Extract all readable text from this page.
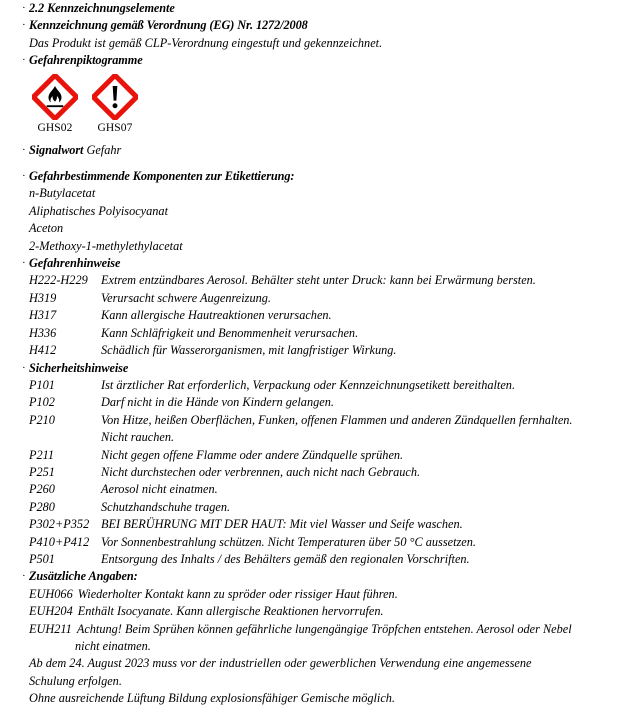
· 2.2
Kennzeichnungselemente
· Kennzeichnung gemäß Verordnung (EG) Nr. 1272/2008
Das Produkt ist gemäß CLP-Verordnung eingestuft und gekennzeichnet.
· Gefahrenpiktogramme
GHS02 GHS07
· Signalwort
Gefahr
· Gefahrbestimmende Komponenten zur Etikettierung:
n-Butylacetat
Aliphatisches Polyisocyanat
Aceton
2-Methoxy-1-methylethylacetat
· Gefahrenhinweise
H222-H229	Extrem entzündbares Aerosol. Behälter steht unter Druck: kann bei Erwärmung bersten.
H319	Verursacht schwere Augenreizung.
H317	Kann allergische Hautreaktionen verursachen.
H336	Kann Schläfrigkeit und Benommenheit verursachen.
H412	Schädlich für Wasserorganismen, mit langfristiger Wirkung.
· Sicherheitshinweise
P101	Ist ärztlicher Rat erforderlich, Verpackung oder Kennzeichnungsetikett bereithalten.
P102	Darf nicht in die Hände von Kindern gelangen.
P210	Von Hitze, heißen Oberflächen, Funken, offenen Flammen und anderen Zündquellen fernhalten.
Nicht rauchen.
P211	Nicht gegen offene Flamme oder andere Zündquelle sprühen.
P251	Nicht durchstechen oder verbrennen, auch nicht nach Gebrauch.
P260	Aerosol nicht einatmen.
P280	Schutzhandschuhe tragen.
P302+P352 BEI BERÜHRUNG MIT DER HAUT: Mit viel Wasser und Seife waschen.
P410+P412 Vor Sonnenbestrahlung schützen. Nicht Temperaturen über 50 °C aussetzen.
P501	Entsorgung des Inhalts / des Behälters gemäß den regionalen Vorschriften.
· Zusätzliche Angaben:
EUH066 Wiederholter Kontakt kann zu spröder oder rissiger Haut führen.
EUH204 Enthält Isocyanate. Kann allergische Reaktionen hervorrufen.
EUH211 Achtung! Beim Sprühen können gefährliche lungengängige Tröpfchen entstehen. Aerosol oder Nebel
nicht einatmen.
Ab dem 24. August 2023 muss vor der industriellen oder gewerblichen Verwendung eine angemessene
Schulung erfolgen.
Ohne ausreichende Lüftung Bildung explosionsfähiger Gemische möglich.
